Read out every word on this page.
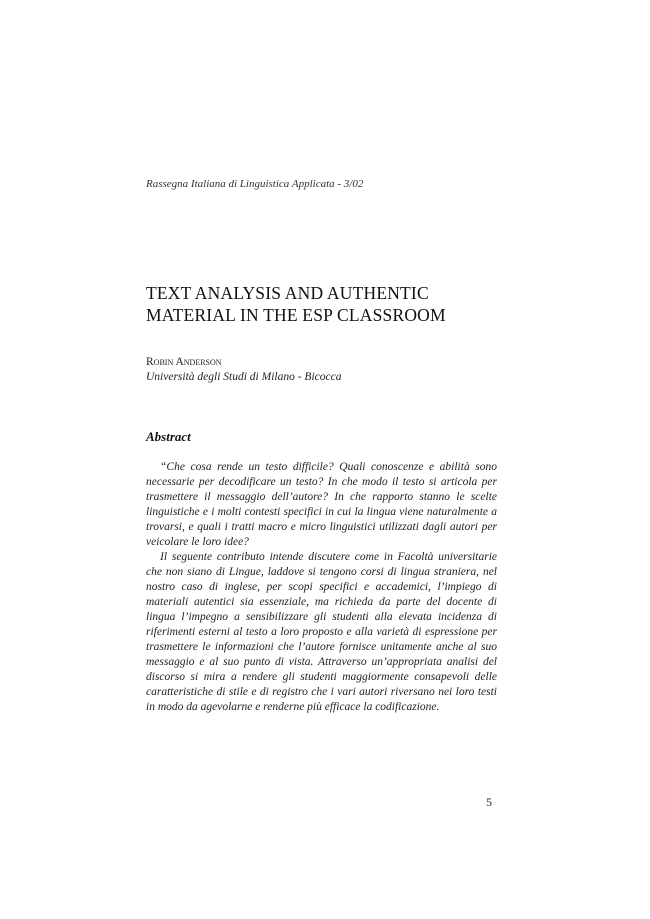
Rassegna Italiana di Linguistica Applicata - 3/02
TEXT ANALYSIS AND AUTHENTIC
MATERIAL IN THE ESP CLASSROOM
Robin Anderson
Università degli Studi di Milano - Bicocca
Abstract

“Che cosa rende un testo difficile? Quali conoscenze e abilità sono necessarie per decodificare un testo? In che modo il testo si articola per trasmettere il messaggio dell’autore? In che rapporto stanno le scelte linguistiche e i molti contesti specifici in cui la lingua viene naturalmente a trovarsi, e quali i tratti macro e micro linguistici utilizzati dagli autori per veicolare le loro idee?

Il seguente contributo intende discutere come in Facoltà universitarie che non siano di Lingue, laddove si tengono corsi di lingua straniera, nel nostro caso di inglese, per scopi specifici e accademici, l’impiego di materiali autentici sia essenziale, ma richieda da parte del docente di lingua l’impegno a sensibilizzare gli studenti alla elevata incidenza di riferimenti esterni al testo a loro proposto e alla varietà di espressione per trasmettere le informazioni che l’autore fornisce unitamente anche al suo messaggio e al suo punto di vista. Attraverso un’appropriata analisi del discorso si mira a rendere gli studenti maggiormente consapevoli delle caratteristiche di stile e di registro che i vari autori riversano nei loro testi in modo da agevolarne e renderne più efficace la codificazione.

5
